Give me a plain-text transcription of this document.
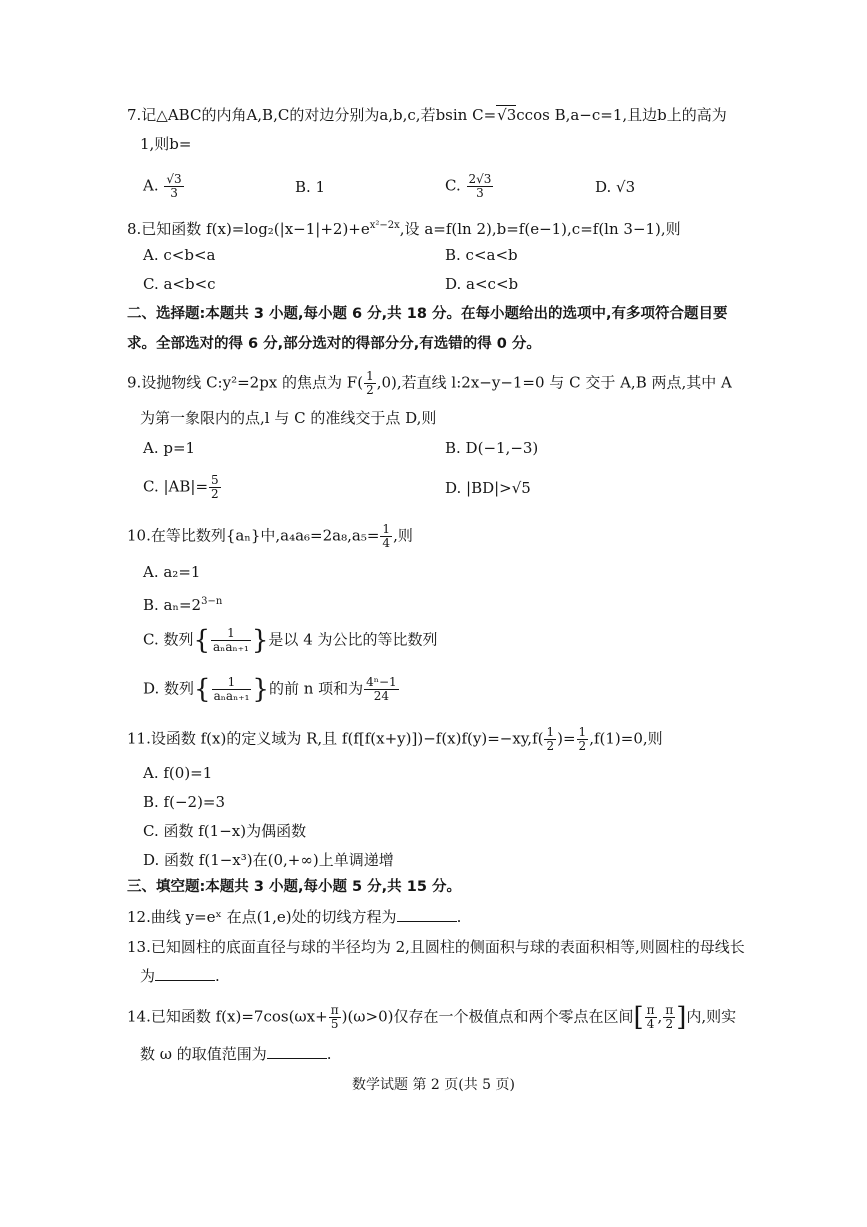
7.记△ABC的内角A,B,C的对边分别为a,b,c,若bsin C=√3ccos B,a−c=1,且边b上的高为
1,则b=
A. $\frac{√3}{3}$	B. 1	C. $\frac{2√3}{3}$	D. √3
8.已知函数 $f(x)=\log_2(|x-1|+2)+e^{x^2-2x}$,设 a=f(ln 2),b=f(e−1),c=f(ln 3−1),则
A. c<b<a	B. c<a<b
C. a<b<c	D. a<c<b
二、选择题:本题共 3 小题,每小题 6 分,共 18 分。在每小题给出的选项中,有多项符合题目要
求。全部选对的得 6 分,部分选对的得部分分,有选错的得 0 分。
9.设抛物线 C:y²=2px 的焦点为 $F( \frac{1}{2} ,0)$,若直线 l:2x−y−1=0 与 C 交于 A,B 两点,其中 A
为第一象限内的点,l 与 C 的准线交于点 D,则
A. p=1	B. D(−1,−3)
C. $|AB|= \frac{5}{2}$	D. |BD|>√5
10.在等比数列{aₙ}中$,a_4a_6=2a_8,a_5= \frac{1}{4}$ ,则
A. a₂=1
B. $a_n=2^{3-n}$
C. 数列{ $\frac{1}{\text{aₙaₙ₊₁}}$ }是以 4 为公比的等比数列
D. 数列{ $\frac{1}{\text{aₙaₙ₊₁}}$ }的前 n 项和为 $\frac{\text{4ⁿ−1}}{24}$
11.设函数 f(x)的定义域为 R,且 $f(f[f(x+y)])-f(x)f(y)=-xy,f( \frac{1}{2}$ )= $\frac{1}{2} ,f(1)=0$,则
A. f(0)=1
B. f(−2)=3
C. 函数 f(1−x)为偶函数
D. 函数 f(1−x³)在(0,+∞)上单调递增
三、填空题:本题共 3 小题,每小题 5 分,共 15 分。
12.曲线 y=eˣ 在点(1,e)处的切线方程为	.
13.已知圆柱的底面直径与球的半径均为 2,且圆柱的侧面积与球的表面积相等,则圆柱的母线长
为	.
14.已知函数 $f(x)=7\cos(\omega x+ \frac{\pi}{5} )(\omega>0)$仅存在一个极值点和两个零点在区间[ $\frac{\pi}{4}$ , $\frac{\pi}{2}$ ]内,则实
数 ω 的取值范围为	.
数学试题 第 2 页(共 5 页)
